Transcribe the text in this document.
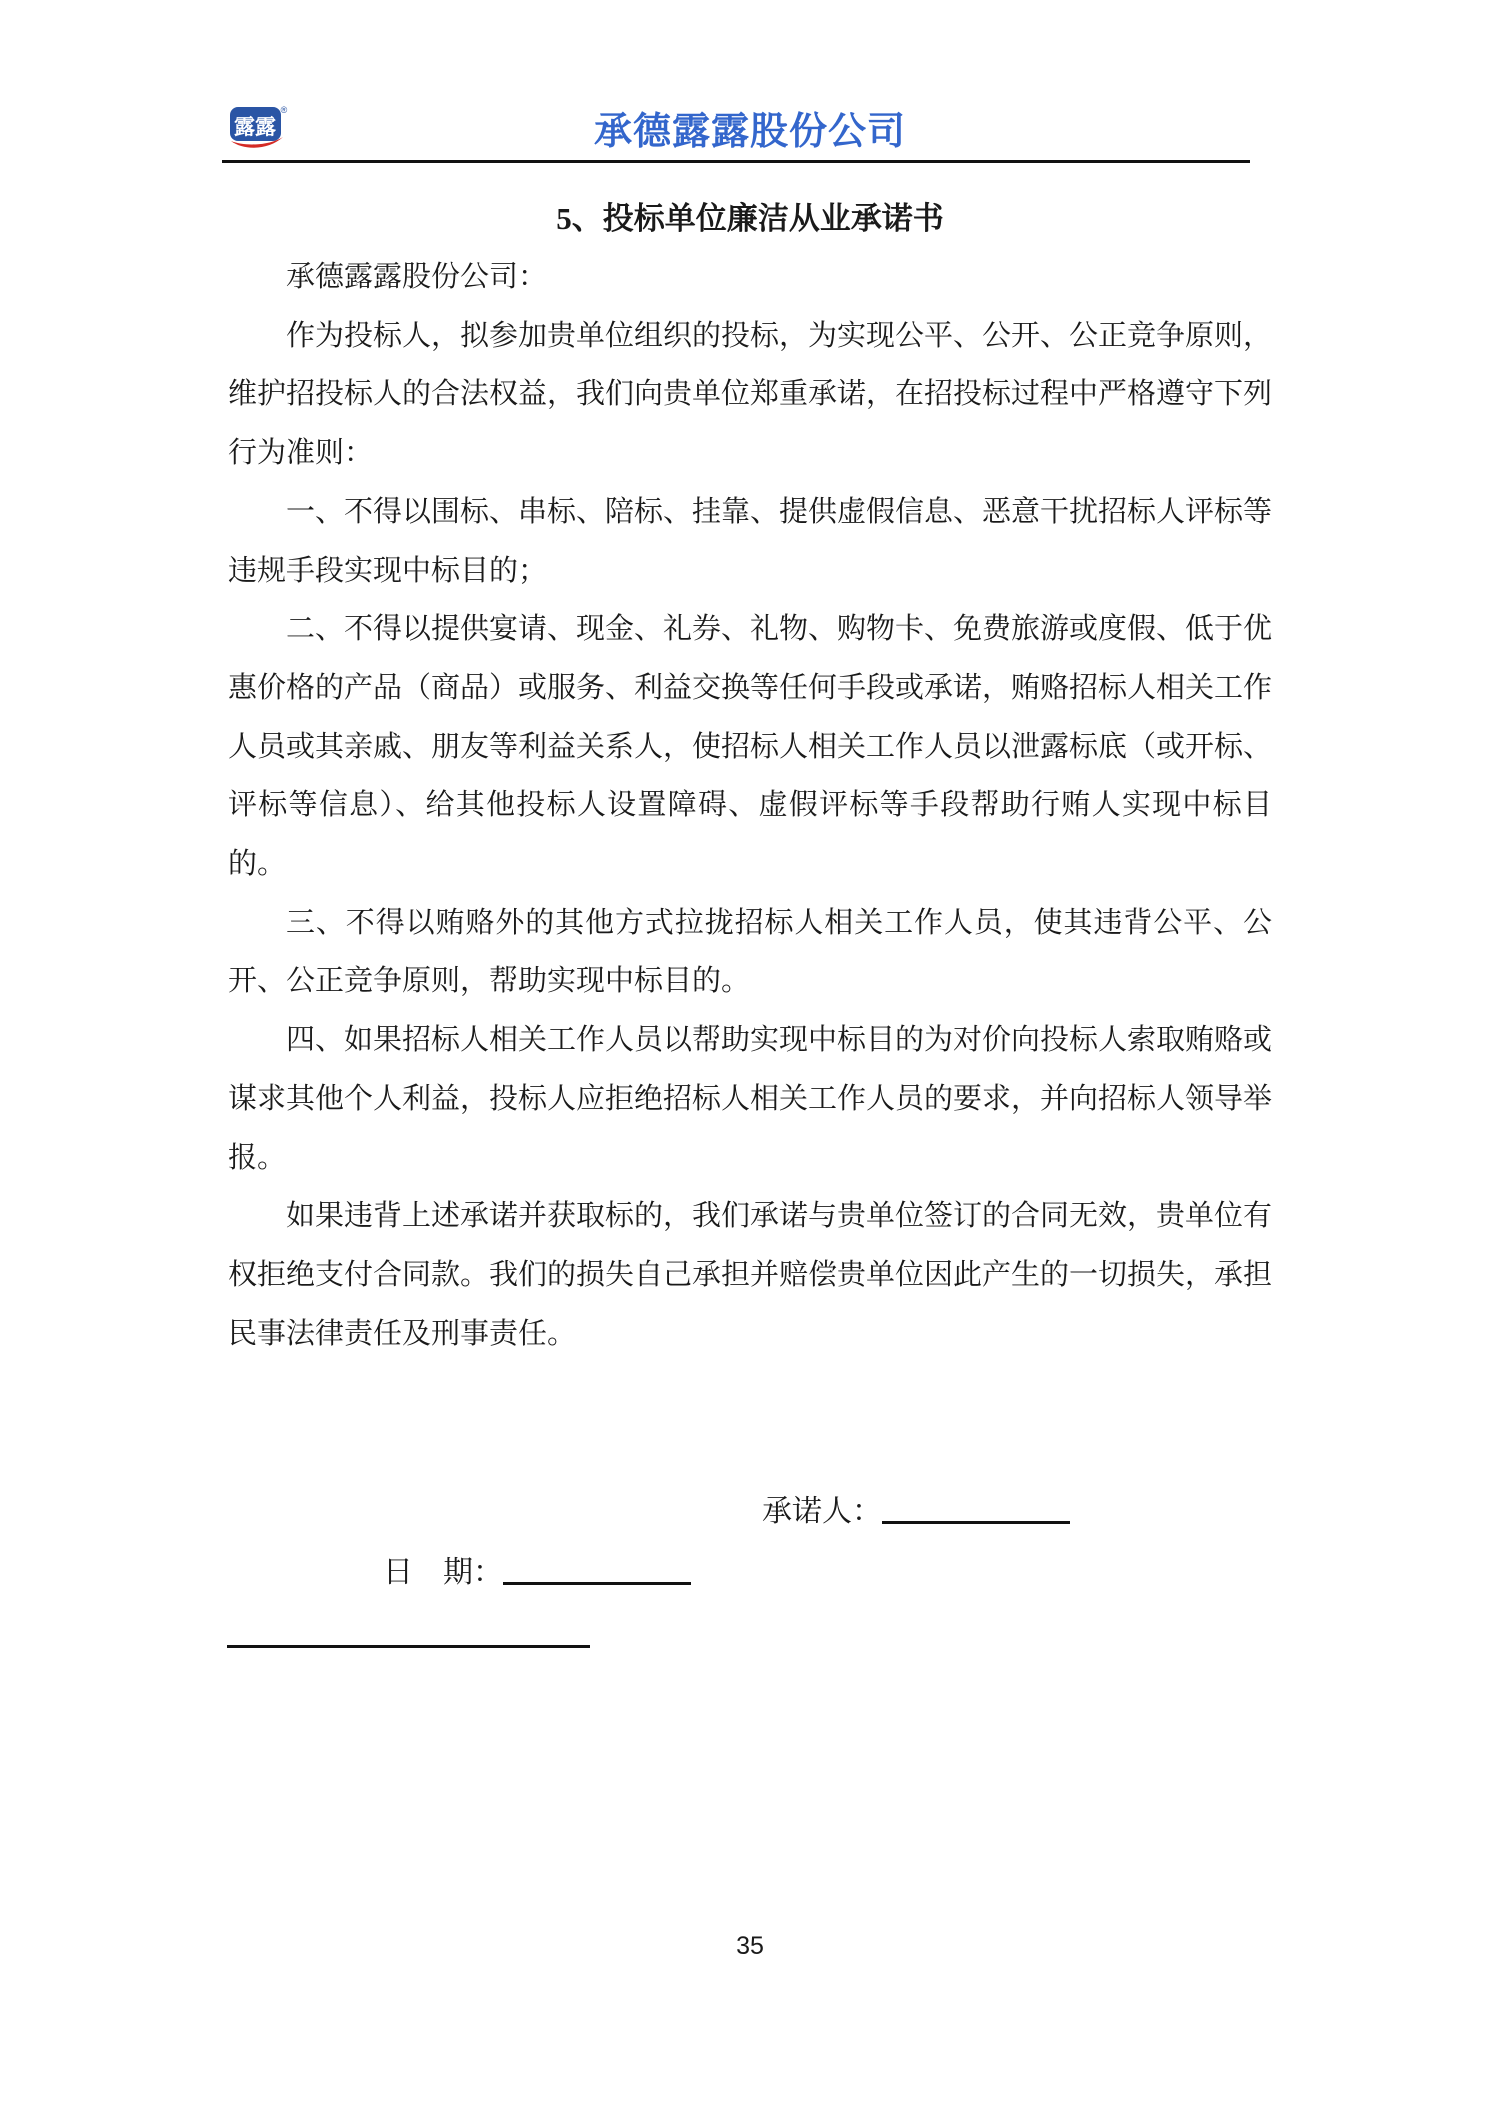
露露
®
承德露露股份公司
5、投标单位廉洁从业承诺书

承德露露股份公司：

作为投标人，拟参加贵单位组织的投标，为实现公平、公开、公正竞争原则，维护招投标人的合法权益，我们向贵单位郑重承诺，在招投标过程中严格遵守下列行为准则：

一、不得以围标、串标、陪标、挂靠、提供虚假信息、恶意干扰招标人评标等违规手段实现中标目的；

二、不得以提供宴请、现金、礼券、礼物、购物卡、免费旅游或度假、低于优惠价格的产品（商品）或服务、利益交换等任何手段或承诺，贿赂招标人相关工作人员或其亲戚、朋友等利益关系人，使招标人相关工作人员以泄露标底（或开标、评标等信息）、给其他投标人设置障碍、虚假评标等手段帮助行贿人实现中标目的。

三、不得以贿赂外的其他方式拉拢招标人相关工作人员，使其违背公平、公开、公正竞争原则，帮助实现中标目的。

四、如果招标人相关工作人员以帮助实现中标目的为对价向投标人索取贿赂或谋求其他个人利益，投标人应拒绝招标人相关工作人员的要求，并向招标人领导举报。

如果违背上述承诺并获取标的，我们承诺与贵单位签订的合同无效，贵单位有权拒绝支付合同款。我们的损失自己承担并赔偿贵单位因此产生的一切损失，承担民事法律责任及刑事责任。

承诺人：
日　期：
35
